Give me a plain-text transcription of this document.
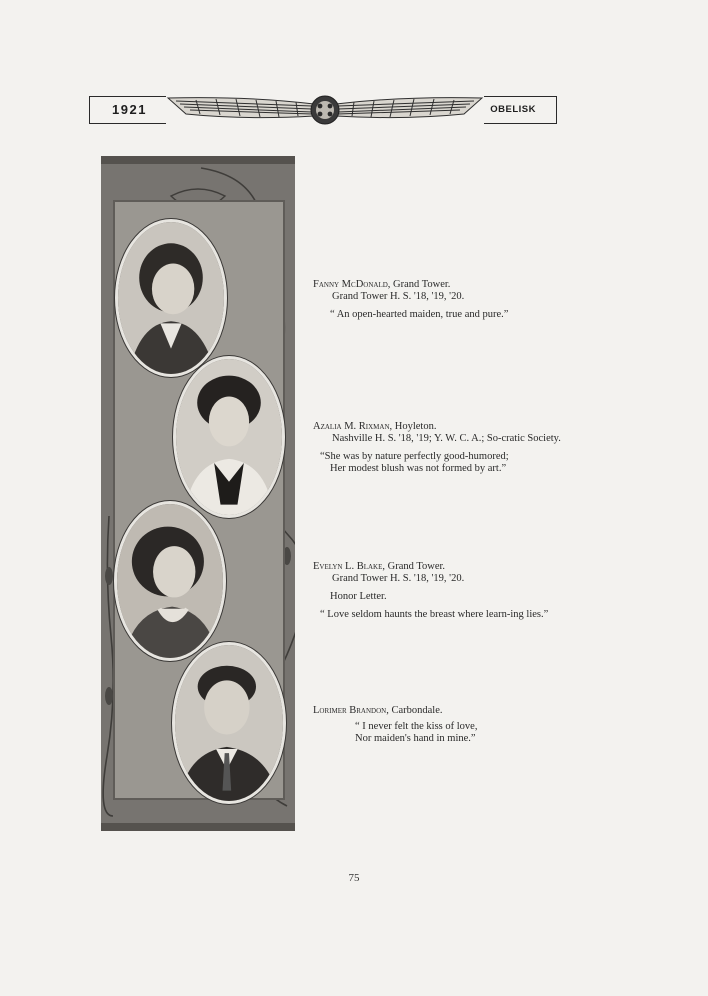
1921	OBELISK

Fanny McDonald, Grand Tower.

Grand Tower H. S. '18, '19, '20.

“ An open-hearted maiden, true and pure.”

Azalia M. Rixman, Hoyleton.

Nashville H. S. '18, '19; Y. W. C. A.; So-cratic Society.

“She was by nature perfectly good-humored;

Her modest blush was not formed by art.”

Evelyn L. Blake, Grand Tower.

Grand Tower H. S. '18, '19, '20.

Honor Letter.

“ Love seldom haunts the breast where learn-ing lies.”

Lorimer Brandon, Carbondale.

“ I never felt the kiss of love,

Nor maiden's hand in mine.”

75
